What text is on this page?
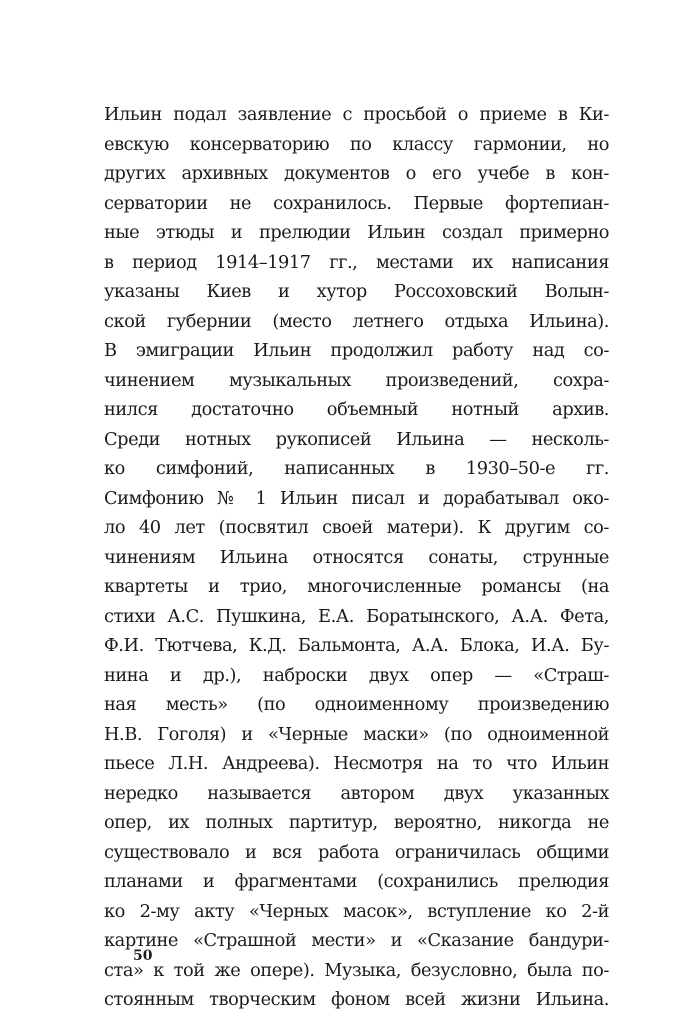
Ильин подал заявление с просьбой о приеме в Ки-
евскую консерваторию по классу гармонии, но
других архивных документов о его учебе в кон-
серватории не сохранилось. Первые фортепиан-
ные этюды и прелюдии Ильин создал примерно
в период 1914–1917 гг., местами их написания
указаны Киев и хутор Россоховский Волын-
ской губернии (место летнего отдыха Ильина).
В эмиграции Ильин продолжил работу над со-
чинением музыкальных произведений, сохра-
нился достаточно объемный нотный архив.
Среди нотных рукописей Ильина — несколь-
ко симфоний, написанных в 1930–50-е гг.
Симфонию № 1 Ильин писал и дорабатывал око-
ло 40 лет (посвятил своей матери). К другим со-
чинениям Ильина относятся сонаты, струнные
квартеты и трио, многочисленные романсы (на
стихи А.С. Пушкина, Е.А. Боратынского, А.А. Фета,
Ф.И. Тютчева, К.Д. Бальмонта, А.А. Блока, И.А. Бу-
нина и др.), наброски двух опер — «Страш-
ная месть» (по одноименному произведению
Н.В. Гоголя) и «Черные маски» (по одноименной
пьесе Л.Н. Андреева). Несмотря на то что Ильин
нередко называется автором двух указанных
опер, их полных партитур, вероятно, никогда не
существовало и вся работа ограничилась общими
планами и фрагментами (сохранились прелюдия
ко 2-му акту «Черных масок», вступление ко 2-й
картине «Страшной мести» и «Сказание бандури-
ста» к той же опере). Музыка, безусловно, была по-
стоянным творческим фоном всей жизни Ильина.
50
